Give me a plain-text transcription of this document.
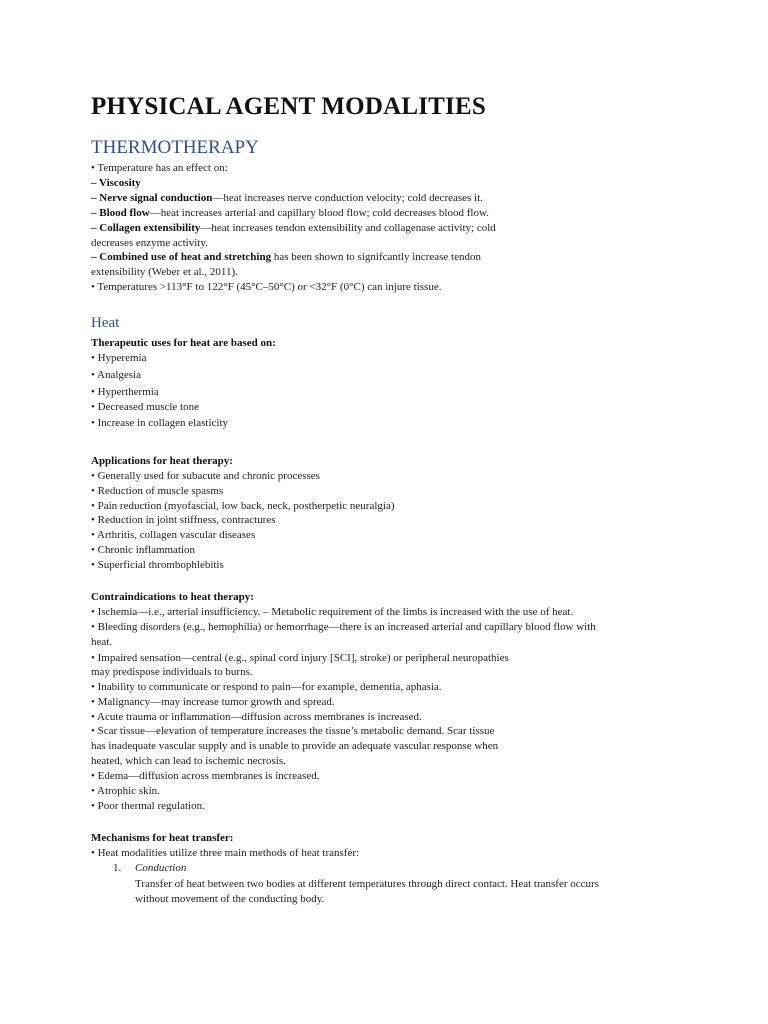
PHYSICAL AGENT MODALITIES
THERMOTHERAPY
• Temperature has an effect on:
– Viscosity
– Nerve signal conduction—heat increases nerve conduction velocity; cold decreases it.
– Blood flow—heat increases arterial and capillary blood flow; cold decreases blood flow.
– Collagen extensibility—heat increases tendon extensibility and collagenase activity; cold
decreases enzyme activity.
– Combined use of heat and stretching has been shown to signifcantly increase tendon
extensibility (Weber et al., 2011).
• Temperatures >113°F to 122°F (45°C–50°C) or <32°F (0°C) can injure tissue.
Heat
Therapeutic uses for heat are based on:
• Hyperemia
• Analgesia
• Hyperthermia
• Decreased muscle tone
• Increase in collagen elasticity
Applications for heat therapy:
• Generally used for subacute and chronic processes
• Reduction of muscle spasms
• Pain reduction (myofascial, low back, neck, postherpetic neuralgia)
• Reduction in joint stiffness, contractures
• Arthritis, collagen vascular diseases
• Chronic inflammation
• Superficial thrombophlebitis
Contraindications to heat therapy:
• Ischemia—i.e., arterial insufficiency. – Metabolic requirement of the limbs is increased with the use of heat.
• Bleeding disorders (e.g., hemophilia) or hemorrhage—there is an increased arterial and capillary blood flow with
heat.
• Impaired sensation—central (e.g., spinal cord injury [SCI], stroke) or peripheral neuropathies
may predispose individuals to burns.
• Inability to communicate or respond to pain—for example, dementia, aphasia.
• Malignancy—may increase tumor growth and spread.
• Acute trauma or inflammation—diffusion across membranes is increased.
• Scar tissue—elevation of temperature increases the tissue’s metabolic demand. Scar tissue
has inadequate vascular supply and is unable to provide an adequate vascular response when
heated, which can lead to ischemic necrosis.
• Edema—diffusion across membranes is increased.
• Atrophic skin.
• Poor thermal regulation.
Mechanisms for heat transfer:
• Heat modalities utilize three main methods of heat transfer:
1. Conduction
Transfer of heat between two bodies at different temperatures through direct contact. Heat transfer occurs
without movement of the conducting body.
